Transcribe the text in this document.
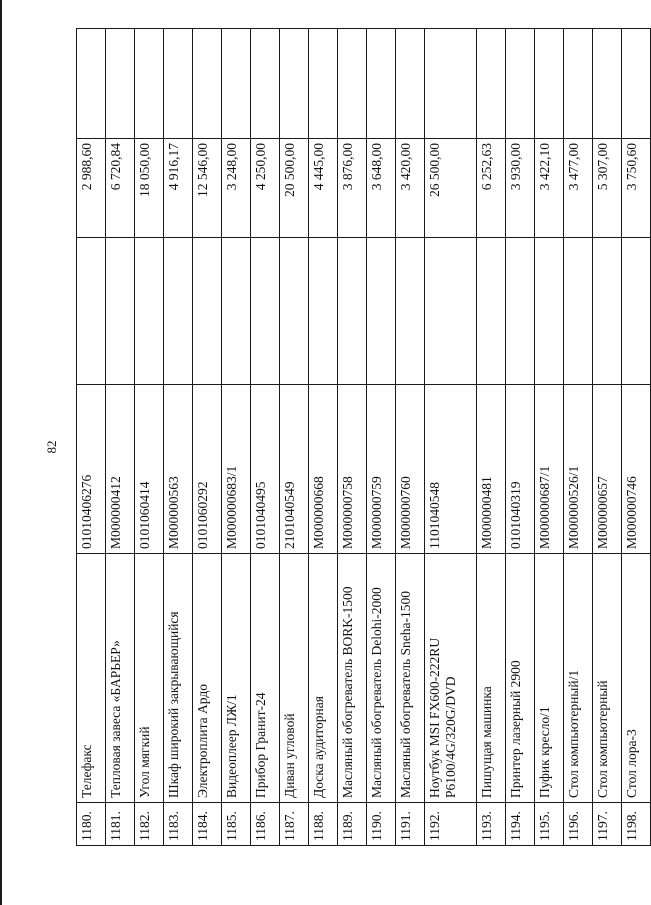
82
1180.	Телефакс	01010406276		2 988,60	
1181.	Тепловая завеса «БАРЬЕР»	M000000412		6 720,84	
1182.	Угол мягкий	0101060414		18 050,00	
1183.	Шкаф широкий закрывающийся	M000000563		4 916,17	
1184.	Электроплита Ардо	0101060292		12 546,00	
1185.	Видеоплеер ЛЖ/1	M000000683/1		3 248,00	
1186.	Прибор Гранит-24	0101040495		4 250,00	
1187.	Диван угловой	2101040549		20 500,00	
1188.	Доска аудиторная	M000000668		4 445,00	
1189.	Масляный обогреватель BORK-1500	M000000758		3 876,00	
1190.	Масляный обогреватель Delohi-2000	M000000759		3 648,00	
1191.	Масляный обогреватель Sneha-1500	M000000760		3 420,00	
1192.	Ноутбук MSI FX600-222RU P6100/4G/320G/DVD	1101040548		26 500,00	
1193.	Пишущая машинка	M000000481		6 252,63	
1194.	Принтер лазерный 2900	0101040319		3 930,00	
1195.	Пуфик кресло/1	M000000687/1		3 422,10	
1196.	Стол компьютерный/1	M000000526/1		3 477,00	
1197.	Стол компьютерный	M000000657		5 307,00	
1198.	Стол лора-3	M000000746		3 750,60	
